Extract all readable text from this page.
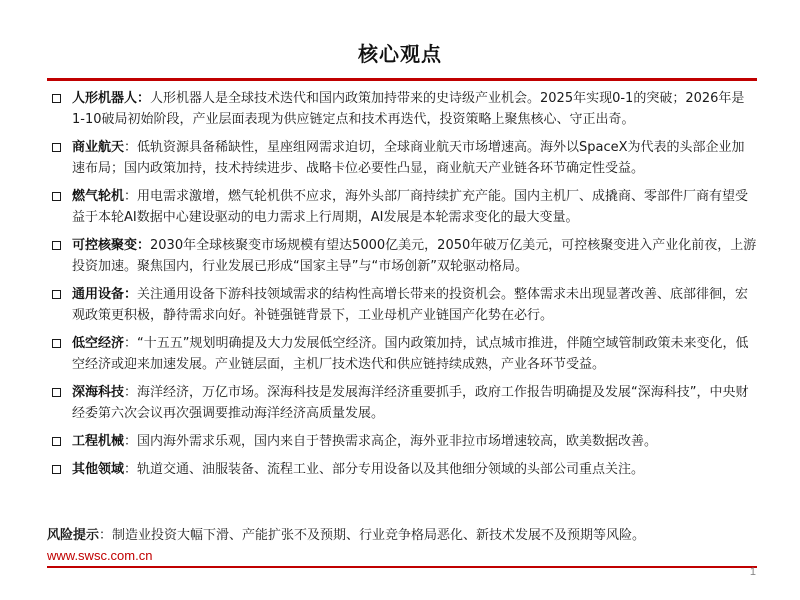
核心观点
人形机器人：人形机器人是全球技术迭代和国内政策加持带来的史诗级产业机会。2025年实现0-1的突破；2026年是1-10破局初始阶段，产业层面表现为供应链定点和技术再迭代，投资策略上聚焦核心、守正出奇。
商业航天：低轨资源具备稀缺性，星座组网需求迫切，全球商业航天市场增速高。海外以SpaceX为代表的头部企业加速布局；国内政策加持，技术持续进步、战略卡位必要性凸显，商业航天产业链各环节确定性受益。
燃气轮机：用电需求激增，燃气轮机供不应求，海外头部厂商持续扩充产能。国内主机厂、成撬商、零部件厂商有望受益于本轮AI数据中心建设驱动的电力需求上行周期，AI发展是本轮需求变化的最大变量。
可控核聚变：2030年全球核聚变市场规模有望达5000亿美元，2050年破万亿美元，可控核聚变进入产业化前夜，上游投资加速。聚焦国内，行业发展已形成“国家主导”与“市场创新”双轮驱动格局。
通用设备：关注通用设备下游科技领域需求的结构性高增长带来的投资机会。整体需求未出现显著改善、底部徘徊，宏观政策更积极，静待需求向好。补链强链背景下，工业母机产业链国产化势在必行。
低空经济：“十五五”规划明确提及大力发展低空经济。国内政策加持，试点城市推进，伴随空域管制政策未来变化，低空经济或迎来加速发展。产业链层面，主机厂技术迭代和供应链持续成熟，产业各环节受益。
深海科技：海洋经济，万亿市场。深海科技是发展海洋经济重要抓手，政府工作报告明确提及发展“深海科技”，中央财经委第六次会议再次强调要推动海洋经济高质量发展。
工程机械：国内海外需求乐观，国内来自于替换需求高企，海外亚非拉市场增速较高，欧美数据改善。
其他领域：轨道交通、油服装备、流程工业、部分专用设备以及其他细分领域的头部公司重点关注。
风险提示：制造业投资大幅下滑、产能扩张不及预期、行业竞争格局恶化、新技术发展不及预期等风险。
www.swsc.com.cn
1
